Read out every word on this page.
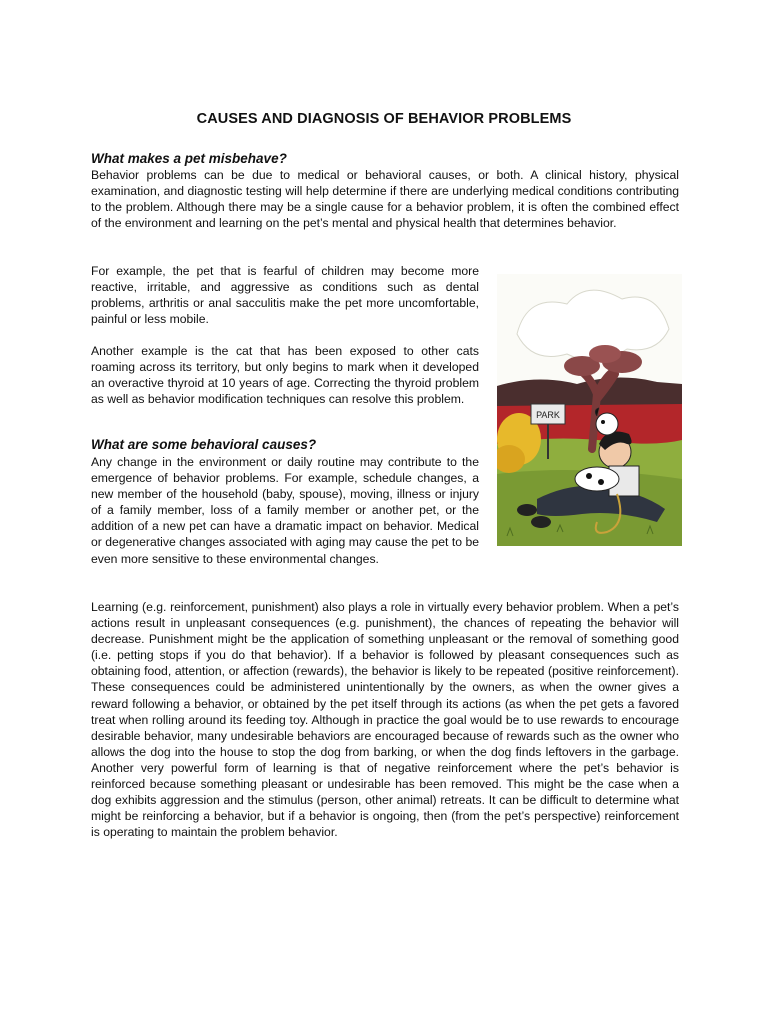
CAUSES AND DIAGNOSIS OF BEHAVIOR PROBLEMS
What makes a pet misbehave?

Behavior problems can be due to medical or behavioral causes, or both. A clinical history, physical examination, and diagnostic testing will help determine if there are underlying medical conditions contributing to the problem. Although there may be a single cause for a behavior problem, it is often the combined effect of the environment and learning on the pet’s mental and physical health that determines behavior.

For example, the pet that is fearful of children may become more reactive, irritable, and aggressive as conditions such as dental problems, arthritis or anal sacculitis make the pet more uncomfortable, painful or less mobile.

Another example is the cat that has been exposed to other cats roaming across its territory, but only begins to mark when it developed an overactive thyroid at 10 years of age. Correcting the thyroid problem as well as behavior modification techniques can resolve this problem.

What are some behavioral causes?

Any change in the environment or daily routine may contribute to the emergence of behavior problems. For example, schedule changes, a new member of the household (baby, spouse), moving, illness or injury of a family member, loss of a family member or another pet, or the addition of a new pet can have a dramatic impact on behavior. Medical or degenerative changes associated with aging may cause the pet to be even more sensitive to these environmental changes.

Learning (e.g. reinforcement, punishment) also plays a role in virtually every behavior problem. When a pet’s actions result in unpleasant consequences (e.g. punishment), the chances of repeating the behavior will decrease. Punishment might be the application of something unpleasant or the removal of something good (i.e. petting stops if you do that behavior). If a behavior is followed by pleasant consequences such as obtaining food, attention, or affection (rewards), the behavior is likely to be repeated (positive reinforcement). These consequences could be administered unintentionally by the owners, as when the owner gives a reward following a behavior, or obtained by the pet itself through its actions (as when the pet gets a favored treat when rolling around its feeding toy. Although in practice the goal would be to use rewards to encourage desirable behavior, many undesirable behaviors are encouraged because of rewards such as the owner who allows the dog into the house to stop the dog from barking, or when the dog finds leftovers in the garbage. Another very powerful form of learning is that of negative reinforcement where the pet’s behavior is reinforced because something pleasant or undesirable has been removed. This might be the case when a dog exhibits aggression and the stimulus (person, other animal) retreats. It can be difficult to determine what might be reinforcing a behavior, but if a behavior is ongoing, then (from the pet’s perspective) reinforcement is operating to maintain the problem behavior.

PARK
